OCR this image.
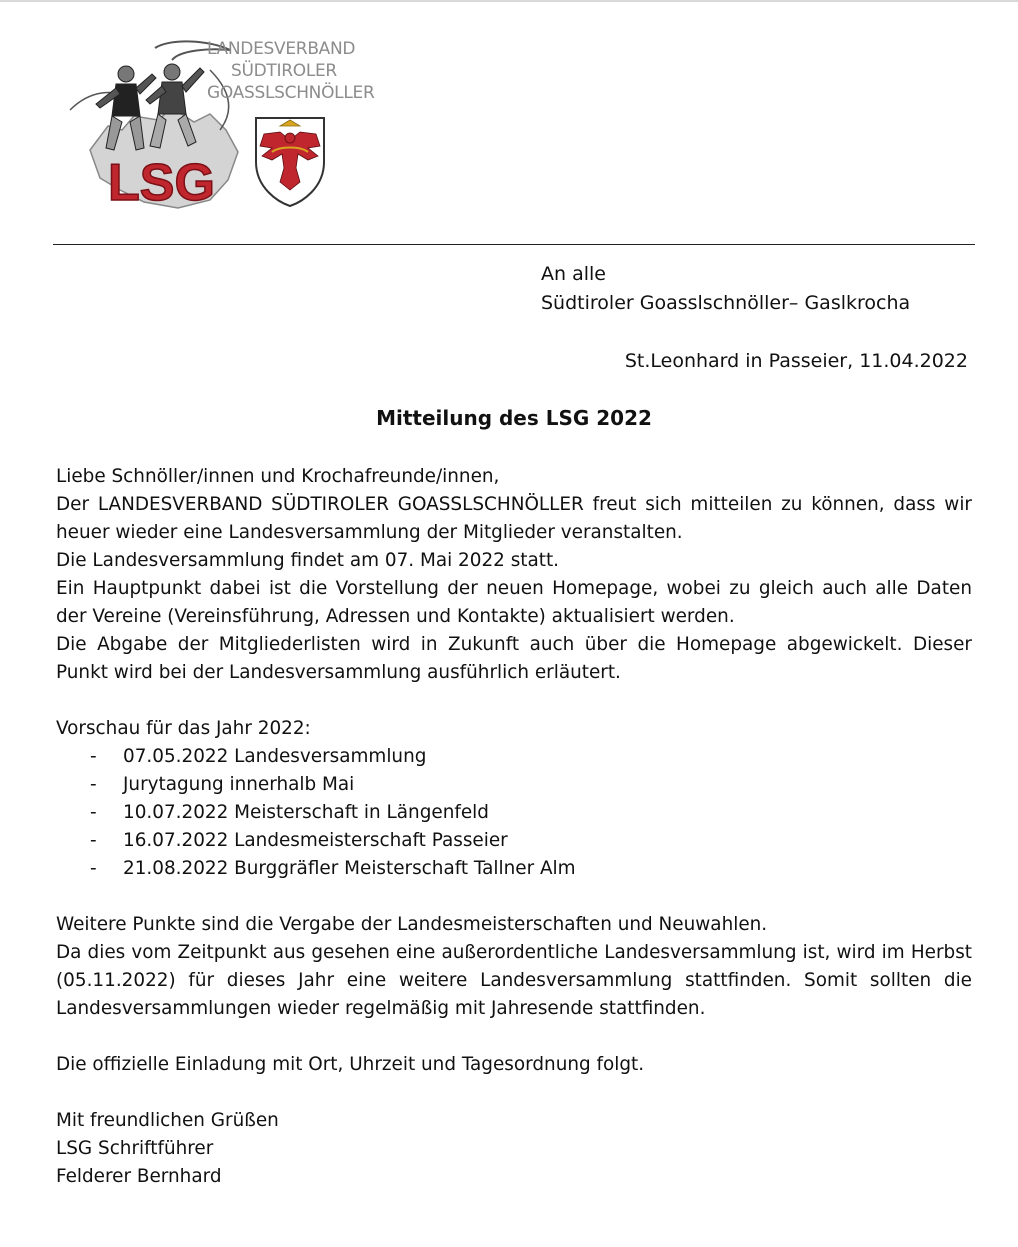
LSG
LANDESVERBAND
SÜDTIROLER
GOASSLSCHNÖLLER
An alle
Südtiroler Goasslschnöller– Gaslkrocha
St.Leonhard in Passeier, 11.04.2022
Mitteilung des LSG 2022

Liebe Schnöller/innen und Krochafreunde/innen,

Der LANDESVERBAND SÜDTIROLER GOASSLSCHNÖLLER freut sich mitteilen zu können, dass wir heuer wieder eine Landesversammlung der Mitglieder veranstalten.

Die Landesversammlung findet am 07. Mai 2022 statt.

Ein Hauptpunkt dabei ist die Vorstellung der neuen Homepage, wobei zu gleich auch alle Daten der Vereine (Vereinsführung, Adressen und Kontakte) aktualisiert werden.

Die Abgabe der Mitgliederlisten wird in Zukunft auch über die Homepage abgewickelt. Dieser Punkt wird bei der Landesversammlung ausführlich erläutert.

Vorschau für das Jahr 2022:

- 07.05.2022 Landesversammlung
- Jurytagung innerhalb Mai
- 10.07.2022 Meisterschaft in Längenfeld
- 16.07.2022 Landesmeisterschaft Passeier
- 21.08.2022 Burggräfler Meisterschaft Tallner Alm

Weitere Punkte sind die Vergabe der Landesmeisterschaften und Neuwahlen.

Da dies vom Zeitpunkt aus gesehen eine außerordentliche Landesversammlung ist, wird im Herbst (05.11.2022) für dieses Jahr eine weitere Landesversammlung stattfinden. Somit sollten die Landesversammlungen wieder regelmäßig mit Jahresende stattfinden.

Die offizielle Einladung mit Ort, Uhrzeit und Tagesordnung folgt.

Mit freundlichen Grüßen

LSG Schriftführer

Felderer Bernhard
